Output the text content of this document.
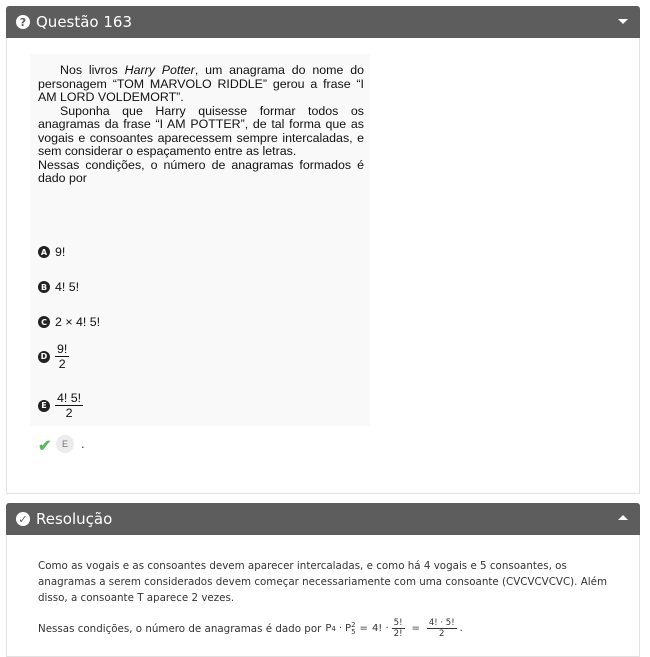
? Questão 163

Nos livros Harry Potter, um anagrama do nome do personagem “TOM MARVOLO RIDDLE” gerou a frase “I AM LORD VOLDEMORT”.

Suponha que Harry quisesse formar todos os anagramas da frase “I AM POTTER”, de tal forma que as vogais e consoantes aparecessem sempre intercaladas, e sem considerar o espaçamento entre as letras.

Nessas condições, o número de anagramas formados é dado por

A 9!
B 4! 5!
C 2 × 4! 5!
D $\frac{9!}{2}$
E $\frac{4! 5!}{2}$
✔	E	.
✓ Resolução
Como as vogais e as consoantes devem aparecer intercaladas, e como há 4 vogais e 5 consoantes, os anagramas a serem considerados devem começar necessariamente com uma consoante (CVCVCVCVC). Além disso, a consoante T aparece 2 vezes.
Nessas condições, o número de anagramas é dado por P 4 · P 2
5 = 4! · $\frac{5!}{2!} = \frac{4! \cdot 5!}{2}$ .
